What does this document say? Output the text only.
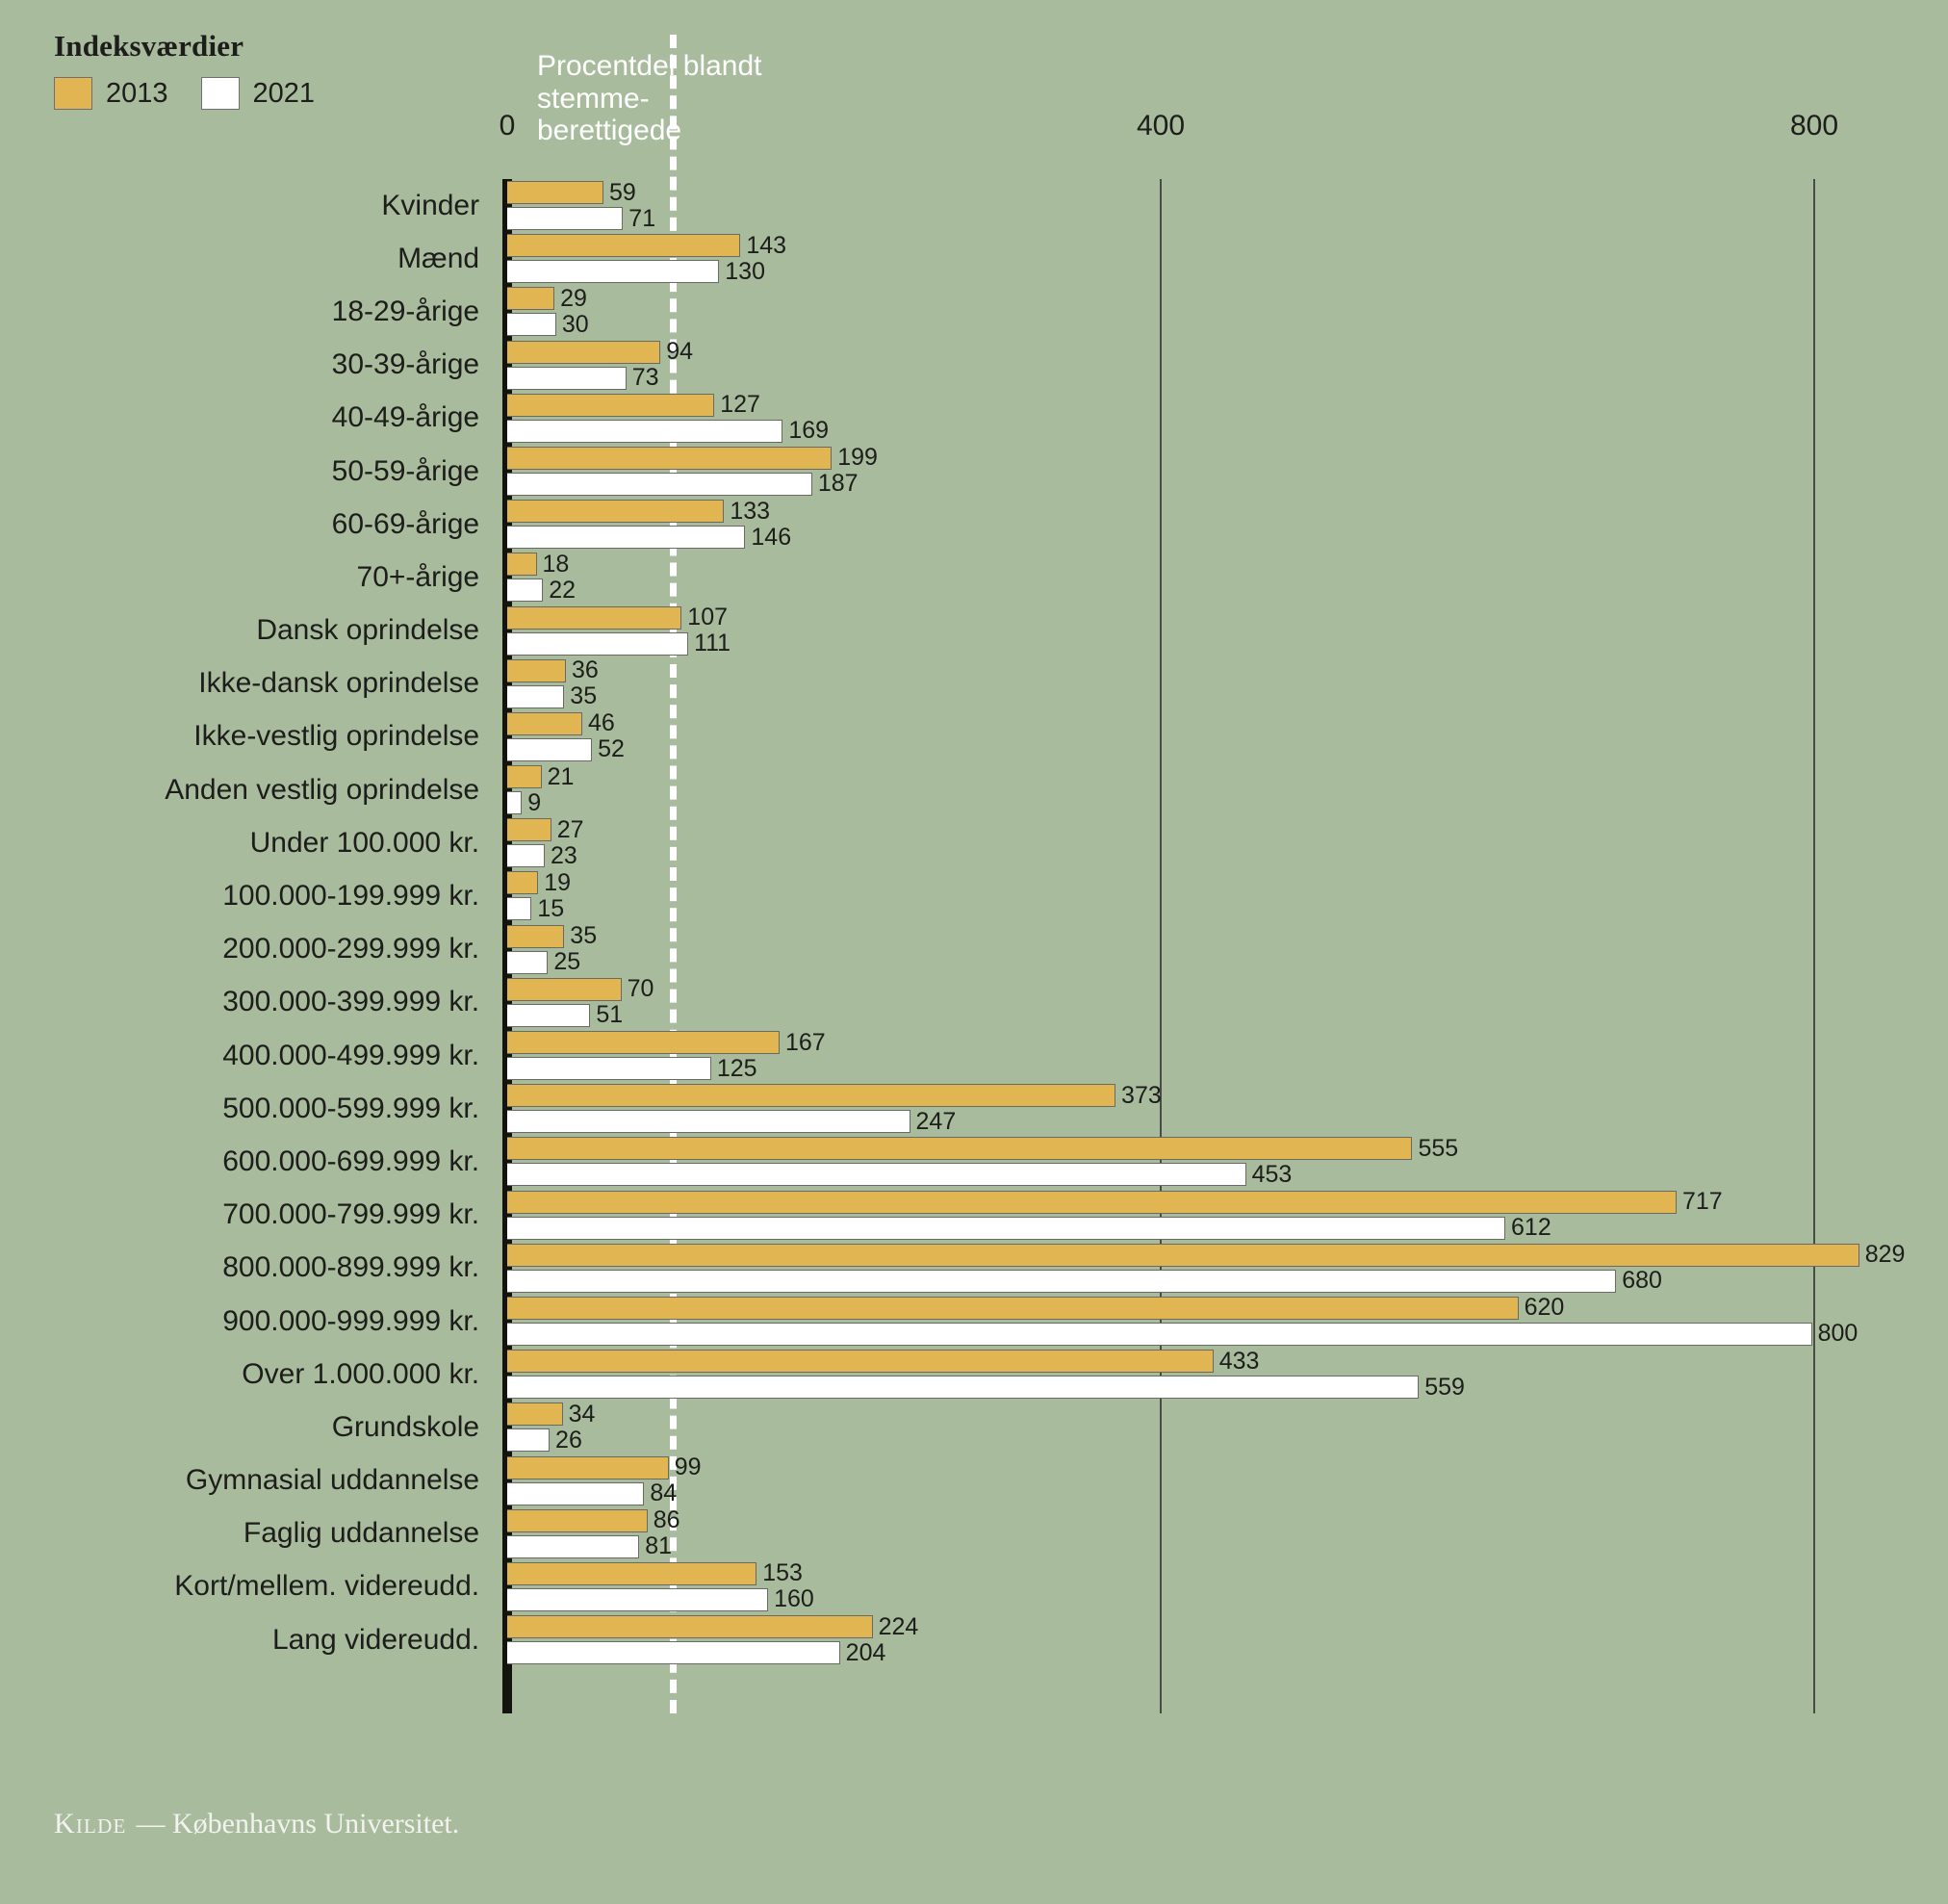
Indeksværdier
2013	2021
0	400	800
Kvinder	59
71
Mænd	143
130
18-29-årige	29
30
30-39-årige	94
73
40-49-årige	127
169
50-59-årige	199
187
60-69-årige	133
146
70+-årige	18
22
Dansk oprindelse	107
111
Ikke-dansk oprindelse	36
35
Ikke-vestlig oprindelse	46
52
Anden vestlig oprindelse	21
9
Under 100.000 kr.	27
23
100.000-199.999 kr.	19
15
200.000-299.999 kr.	35
25
300.000-399.999 kr.	70
51
400.000-499.999 kr.	167
125
500.000-599.999 kr.	373
247
600.000-699.999 kr.	555
453
700.000-799.999 kr.	717
612
800.000-899.999 kr.	829
680
900.000-999.999 kr.	620
800
Over 1.000.000 kr.	433
559
Grundskole	34
26
Gymnasial uddannelse	99
84
Faglig uddannelse	86
81
Kort/mellem. videreudd.	153
160
Lang videreudd.	224
204
Procentdel blandt stemme-berettigede
Kilde — Københavns Universitet.
